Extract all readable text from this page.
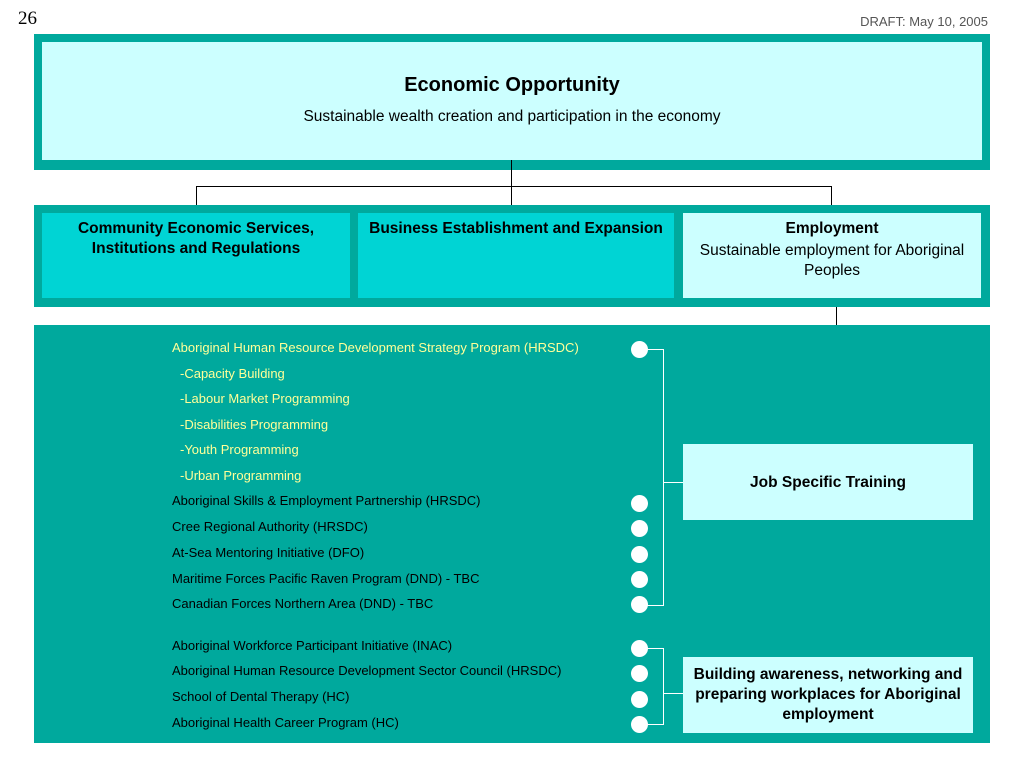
26	DRAFT: May 10, 2005
Economic Opportunity
Sustainable wealth creation and participation in the economy
Community Economic Services, Institutions and Regulations
Business Establishment and Expansion	Employment
Sustainable employment for Aboriginal Peoples
Aboriginal Human Resource Development Strategy Program (HRSDC)
-Capacity Building
-Labour Market Programming
-Disabilities Programming
-Youth Programming
-Urban Programming
Aboriginal Skills & Employment Partnership (HRSDC)
Cree Regional Authority (HRSDC)
At-Sea Mentoring Initiative (DFO)
Maritime Forces Pacific Raven Program (DND) - TBC
Canadian Forces Northern Area (DND) - TBC
Job Specific Training
Aboriginal Workforce Participant Initiative (INAC)
Aboriginal Human Resource Development Sector Council (HRSDC)
School of Dental Therapy (HC)
Aboriginal Health Career Program (HC)
Building awareness, networking and preparing workplaces for Aboriginal employment
